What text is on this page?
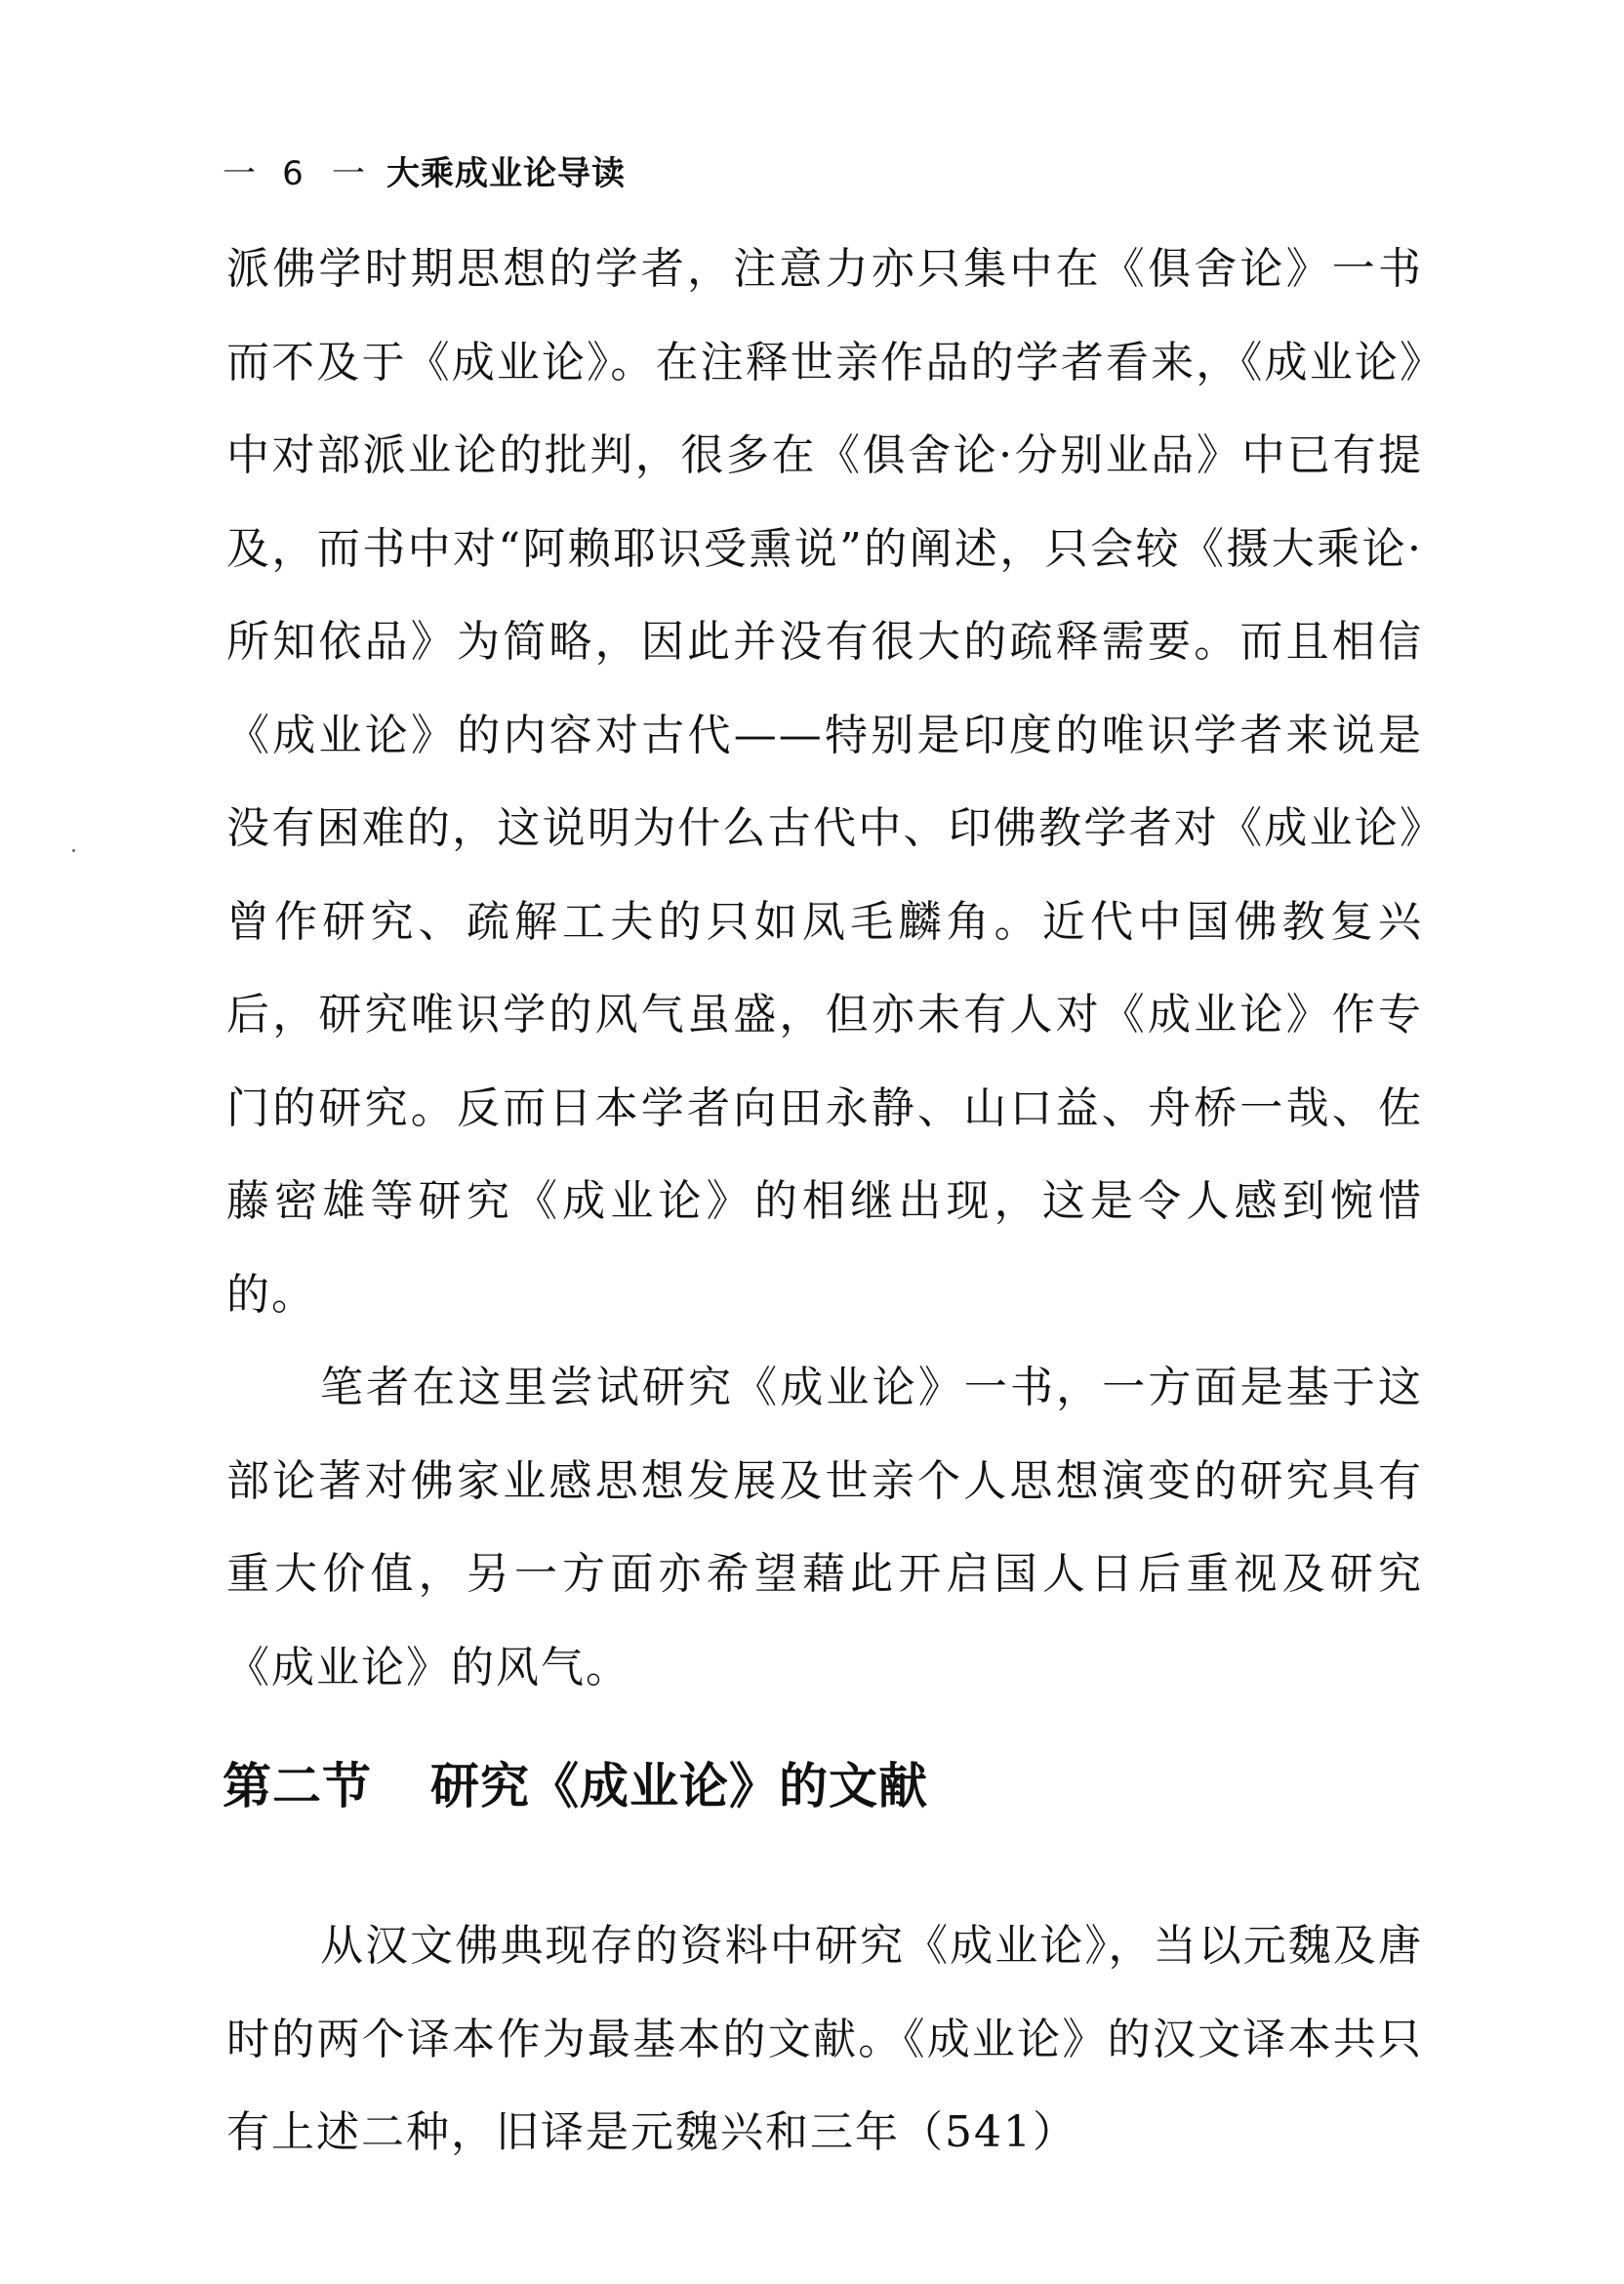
一 6 一 大乘成业论导读

派佛学时期思想的学者，注意力亦只集中在《俱舍论》一书而不及于《成业论》。在注释世亲作品的学者看来，《成业论》中对部派业论的批判，很多在《俱舍论·分别业品》中已有提及，而书中对“阿赖耶识受熏说”的阐述，只会较《摄大乘论·所知依品》为简略，因此并没有很大的疏释需要。而且相信《成业论》的内容对古代——特别是印度的唯识学者来说是没有困难的，这说明为什么古代中、印佛教学者对《成业论》曾作研究、疏解工夫的只如凤毛麟角。近代中国佛教复兴后，研究唯识学的风气虽盛，但亦未有人对《成业论》作专门的研究。反而日本学者向田永静、山口益、舟桥一哉、佐藤密雄等研究《成业论》的相继出现，这是令人感到惋惜的。

笔者在这里尝试研究《成业论》一书，一方面是基于这部论著对佛家业感思想发展及世亲个人思想演变的研究具有重大价值，另一方面亦希望藉此开启国人日后重视及研究《成业论》的风气。

第二节 研究《成业论》的文献

从汉文佛典现存的资料中研究《成业论》，当以元魏及唐时的两个译本作为最基本的文献。《成业论》的汉文译本共只有上述二种，旧译是元魏兴和三年（541）
